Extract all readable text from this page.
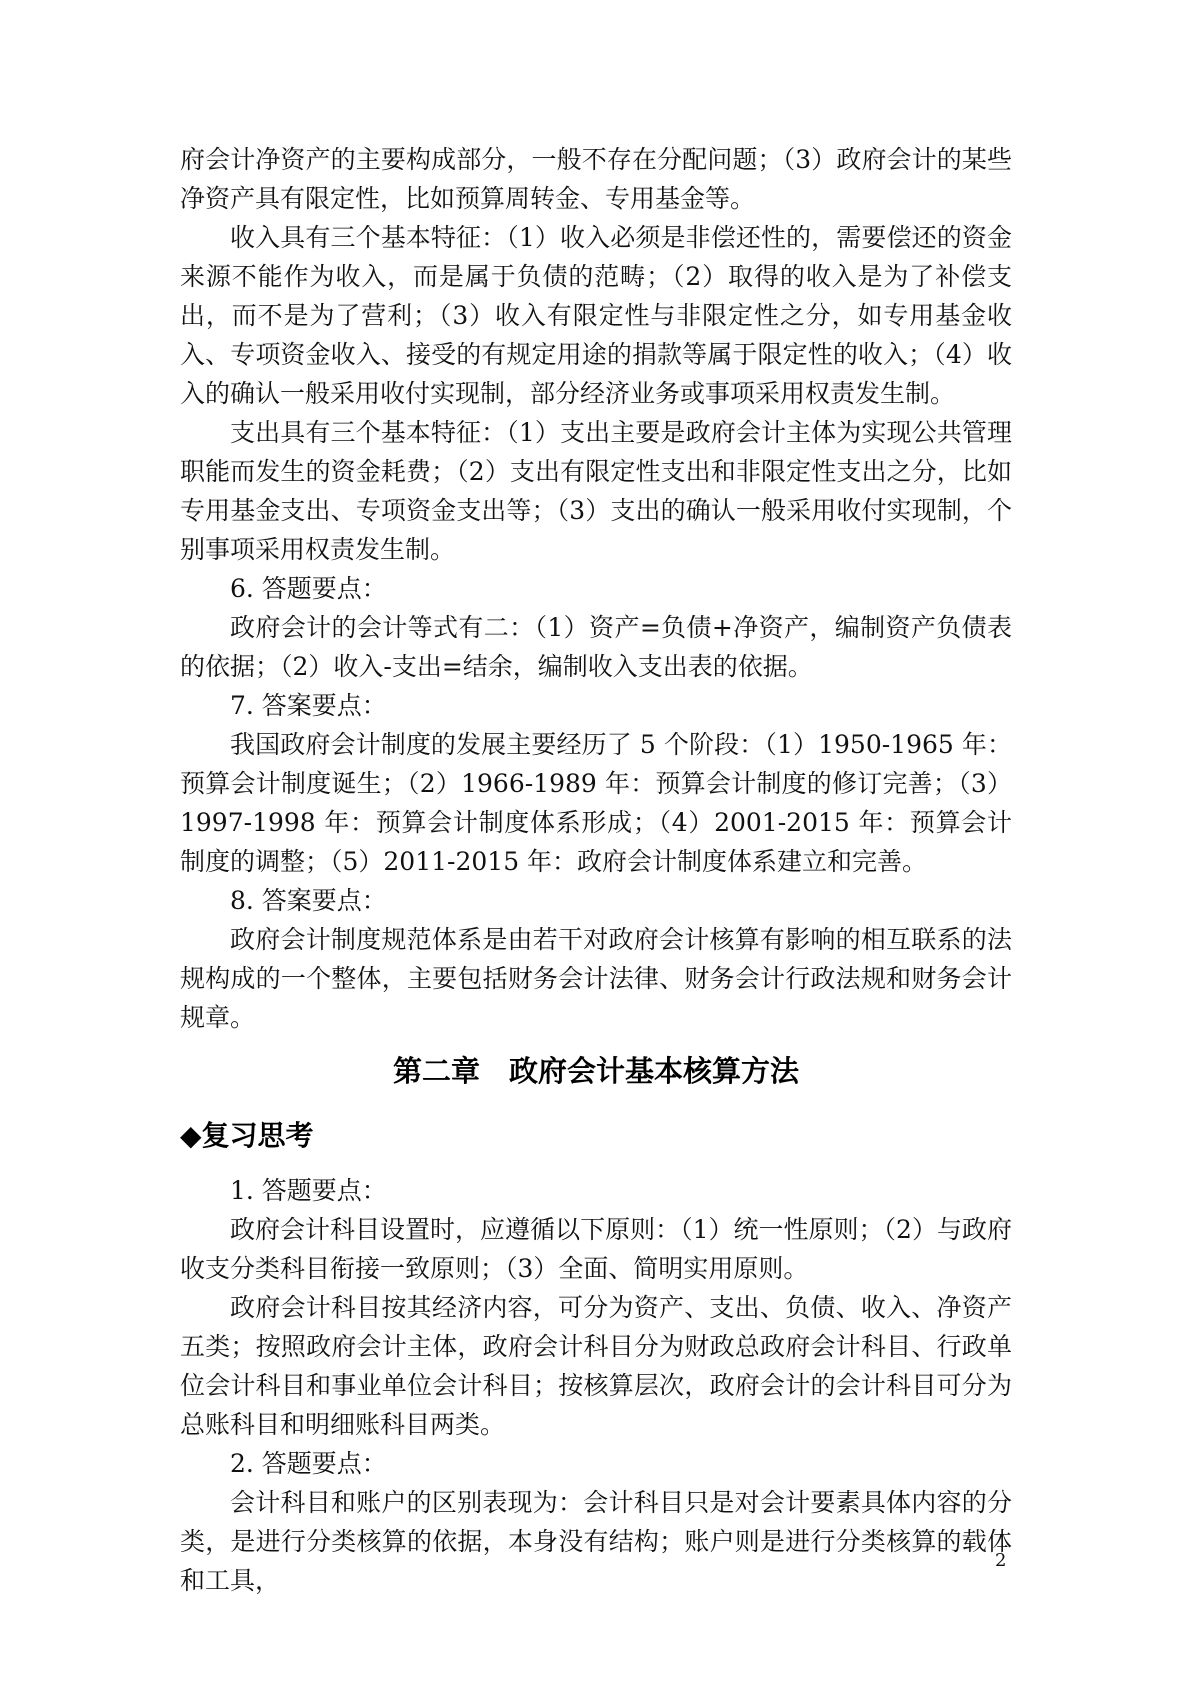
府会计净资产的主要构成部分，一般不存在分配问题；（3）政府会计的某些净资产具有限定性，比如预算周转金、专用基金等。

收入具有三个基本特征：（1）收入必须是非偿还性的，需要偿还的资金来源不能作为收入，而是属于负债的范畴；（2）取得的收入是为了补偿支出，而不是为了营利；（3）收入有限定性与非限定性之分，如专用基金收入、专项资金收入、接受的有规定用途的捐款等属于限定性的收入；（4）收入的确认一般采用收付实现制，部分经济业务或事项采用权责发生制。

支出具有三个基本特征：（1）支出主要是政府会计主体为实现公共管理职能而发生的资金耗费；（2）支出有限定性支出和非限定性支出之分，比如专用基金支出、专项资金支出等；（3）支出的确认一般采用收付实现制，个别事项采用权责发生制。

6. 答题要点：

政府会计的会计等式有二：（1）资产=负债+净资产，编制资产负债表的依据；（2）收入-支出=结余，编制收入支出表的依据。

7. 答案要点：

我国政府会计制度的发展主要经历了 5 个阶段：（1）1950-1965 年：预算会计制度诞生；（2）1966-1989 年：预算会计制度的修订完善；（3）1997-1998 年：预算会计制度体系形成；（4）2001-2015 年：预算会计制度的调整；（5）2011-2015 年：政府会计制度体系建立和完善。

8. 答案要点：

政府会计制度规范体系是由若干对政府会计核算有影响的相互联系的法规构成的一个整体，主要包括财务会计法律、财务会计行政法规和财务会计规章。

第二章　政府会计基本核算方法
◆复习思考

1. 答题要点：

政府会计科目设置时，应遵循以下原则：（1）统一性原则；（2）与政府收支分类科目衔接一致原则；（3）全面、简明实用原则。

政府会计科目按其经济内容，可分为资产、支出、负债、收入、净资产五类；按照政府会计主体，政府会计科目分为财政总政府会计科目、行政单位会计科目和事业单位会计科目；按核算层次，政府会计的会计科目可分为总账科目和明细账科目两类。

2. 答题要点：

会计科目和账户的区别表现为：会计科目只是对会计要素具体内容的分类，是进行分类核算的依据，本身没有结构；账户则是进行分类核算的载体和工具，

2
